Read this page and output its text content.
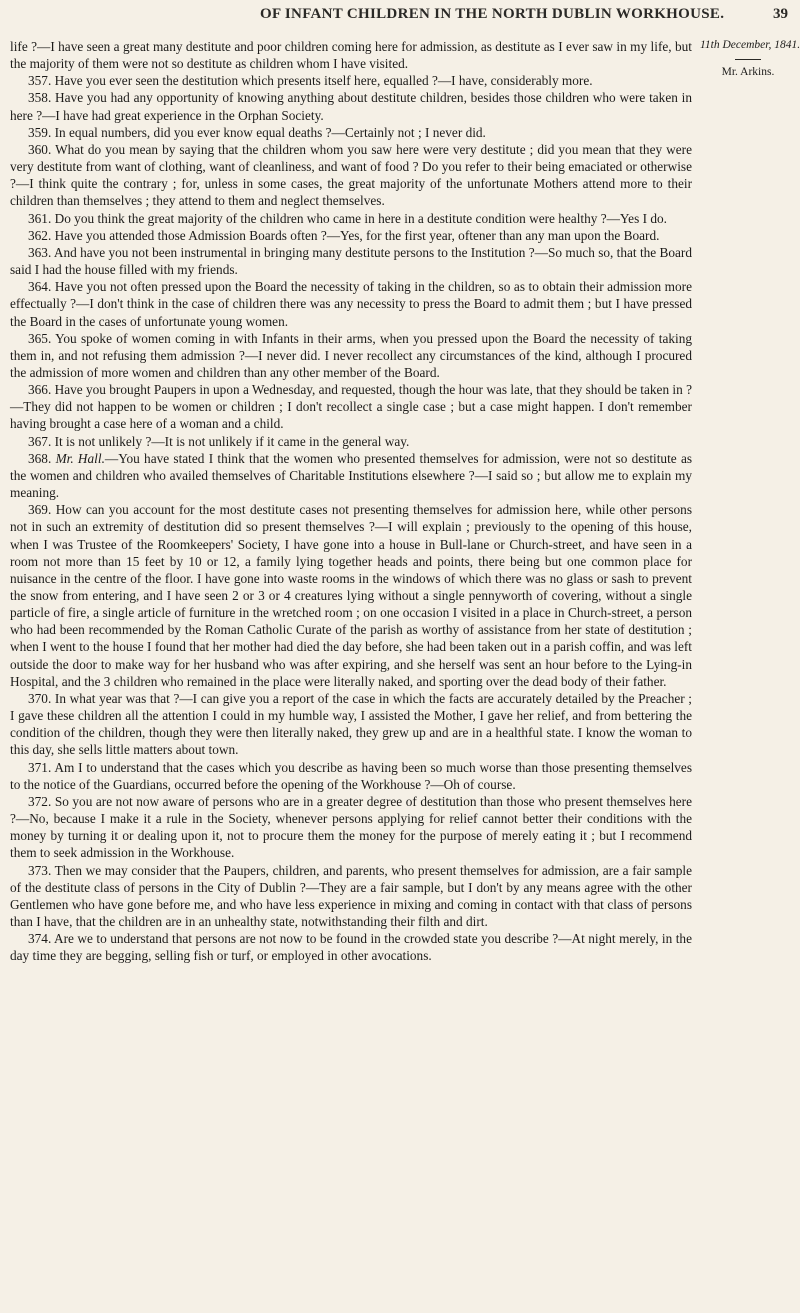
OF INFANT CHILDREN IN THE NORTH DUBLIN WORKHOUSE.	39
11th December, 1841.
Mr. Arkins.

life ?—I have seen a great many destitute and poor children coming here for admission, as destitute as I ever saw in my life, but the majority of them were not so destitute as children whom I have visited.

357. Have you ever seen the destitution which presents itself here, equalled ?—I have, considerably more.

358. Have you had any opportunity of knowing anything about destitute children, besides those children who were taken in here ?—I have had great experience in the Orphan Society.

359. In equal numbers, did you ever know equal deaths ?—Certainly not ; I never did.

360. What do you mean by saying that the children whom you saw here were very destitute ; did you mean that they were very destitute from want of clothing, want of cleanliness, and want of food ? Do you refer to their being emaciated or otherwise ?—I think quite the contrary ; for, unless in some cases, the great majority of the unfortunate Mothers attend more to their children than themselves ; they attend to them and neglect themselves.

361. Do you think the great majority of the children who came in here in a destitute condition were healthy ?—Yes I do.

362. Have you attended those Admission Boards often ?—Yes, for the first year, oftener than any man upon the Board.

363. And have you not been instrumental in bringing many destitute persons to the Institution ?—So much so, that the Board said I had the house filled with my friends.

364. Have you not often pressed upon the Board the necessity of taking in the children, so as to obtain their admission more effectually ?—I don't think in the case of children there was any necessity to press the Board to admit them ; but I have pressed the Board in the cases of unfortunate young women.

365. You spoke of women coming in with Infants in their arms, when you pressed upon the Board the necessity of taking them in, and not refusing them admission ?—I never did. I never recollect any circumstances of the kind, although I procured the admission of more women and children than any other member of the Board.

366. Have you brought Paupers in upon a Wednesday, and requested, though the hour was late, that they should be taken in ?—They did not happen to be women or children ; I don't recollect a single case ; but a case might happen. I don't remember having brought a case here of a woman and a child.

367. It is not unlikely ?—It is not unlikely if it came in the general way.

368. Mr. Hall.—You have stated I think that the women who presented themselves for admission, were not so destitute as the women and children who availed themselves of Charitable Institutions elsewhere ?—I said so ; but allow me to explain my meaning.

369. How can you account for the most destitute cases not presenting themselves for admission here, while other persons not in such an extremity of destitution did so present themselves ?—I will explain ; previously to the opening of this house, when I was Trustee of the Roomkeepers' Society, I have gone into a house in Bull-lane or Church-street, and have seen in a room not more than 15 feet by 10 or 12, a family lying together heads and points, there being but one common place for nuisance in the centre of the floor. I have gone into waste rooms in the windows of which there was no glass or sash to prevent the snow from entering, and I have seen 2 or 3 or 4 creatures lying without a single pennyworth of covering, without a single particle of fire, a single article of furniture in the wretched room ; on one occasion I visited in a place in Church-street, a person who had been recommended by the Roman Catholic Curate of the parish as worthy of assistance from her state of destitution ; when I went to the house I found that her mother had died the day before, she had been taken out in a parish coffin, and was left outside the door to make way for her husband who was after expiring, and she herself was sent an hour before to the Lying-in Hospital, and the 3 children who remained in the place were literally naked, and sporting over the dead body of their father.

370. In what year was that ?—I can give you a report of the case in which the facts are accurately detailed by the Preacher ; I gave these children all the attention I could in my humble way, I assisted the Mother, I gave her relief, and from bettering the condition of the children, though they were then literally naked, they grew up and are in a healthful state. I know the woman to this day, she sells little matters about town.

371. Am I to understand that the cases which you describe as having been so much worse than those presenting themselves to the notice of the Guardians, occurred before the opening of the Workhouse ?—Oh of course.

372. So you are not now aware of persons who are in a greater degree of destitution than those who present themselves here ?—No, because I make it a rule in the Society, whenever persons applying for relief cannot better their conditions with the money by turning it or dealing upon it, not to procure them the money for the purpose of merely eating it ; but I recommend them to seek admission in the Workhouse.

373. Then we may consider that the Paupers, children, and parents, who present themselves for admission, are a fair sample of the destitute class of persons in the City of Dublin ?—They are a fair sample, but I don't by any means agree with the other Gentlemen who have gone before me, and who have less experience in mixing and coming in contact with that class of persons than I have, that the children are in an unhealthy state, notwithstanding their filth and dirt.

374. Are we to understand that persons are not now to be found in the crowded state you describe ?—At night merely, in the day time they are begging, selling fish or turf, or employed in other avocations.
